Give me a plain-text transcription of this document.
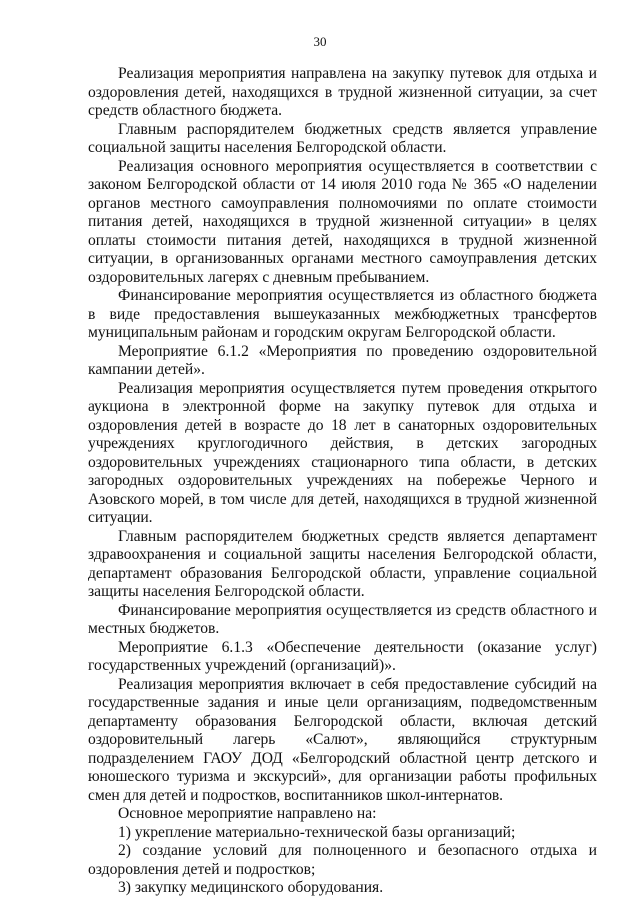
30

Реализация мероприятия направлена на закупку путевок для отдыха и оздоровления детей, находящихся в трудной жизненной ситуации, за счет средств областного бюджета.

Главным распорядителем бюджетных средств является управление социальной защиты населения Белгородской области.

Реализация основного мероприятия осуществляется в соответствии с законом Белгородской области от 14 июля 2010 года № 365 «О наделении органов местного самоуправления полномочиями по оплате стоимости питания детей, находящихся в трудной жизненной ситуации» в целях оплаты стоимости питания детей, находящихся в трудной жизненной ситуации, в организованных органами местного самоуправления детских оздоровительных лагерях с дневным пребыванием.

Финансирование мероприятия осуществляется из областного бюджета в виде предоставления вышеуказанных межбюджетных трансфертов муниципальным районам и городским округам Белгородской области.

Мероприятие 6.1.2 «Мероприятия по проведению оздоровительной кампании детей».

Реализация мероприятия осуществляется путем проведения открытого аукциона в электронной форме на закупку путевок для отдыха и оздоровления детей в возрасте до 18 лет в санаторных оздоровительных учреждениях круглогодичного действия, в детских загородных оздоровительных учреждениях стационарного типа области, в детских загородных оздоровительных учреждениях на побережье Черного и Азовского морей, в том числе для детей, находящихся в трудной жизненной ситуации.

Главным распорядителем бюджетных средств является департамент здравоохранения и социальной защиты населения Белгородской области, департамент образования Белгородской области, управление социальной защиты населения Белгородской области.

Финансирование мероприятия осуществляется из средств областного и местных бюджетов.

Мероприятие 6.1.3 «Обеспечение деятельности (оказание услуг) государственных учреждений (организаций)».

Реализация мероприятия включает в себя предоставление субсидий на государственные задания и иные цели организациям, подведомственным департаменту образования Белгородской области, включая детский оздоровительный лагерь «Салют», являющийся структурным подразделением ГАОУ ДОД «Белгородский областной центр детского и юношеского туризма и экскурсий», для организации работы профильных смен для детей и подростков, воспитанников школ-интернатов.

Основное мероприятие направлено на:

1) укрепление материально-технической базы организаций;

2) создание условий для полноценного и безопасного отдыха и оздоровления детей и подростков;

3) закупку медицинского оборудования.
